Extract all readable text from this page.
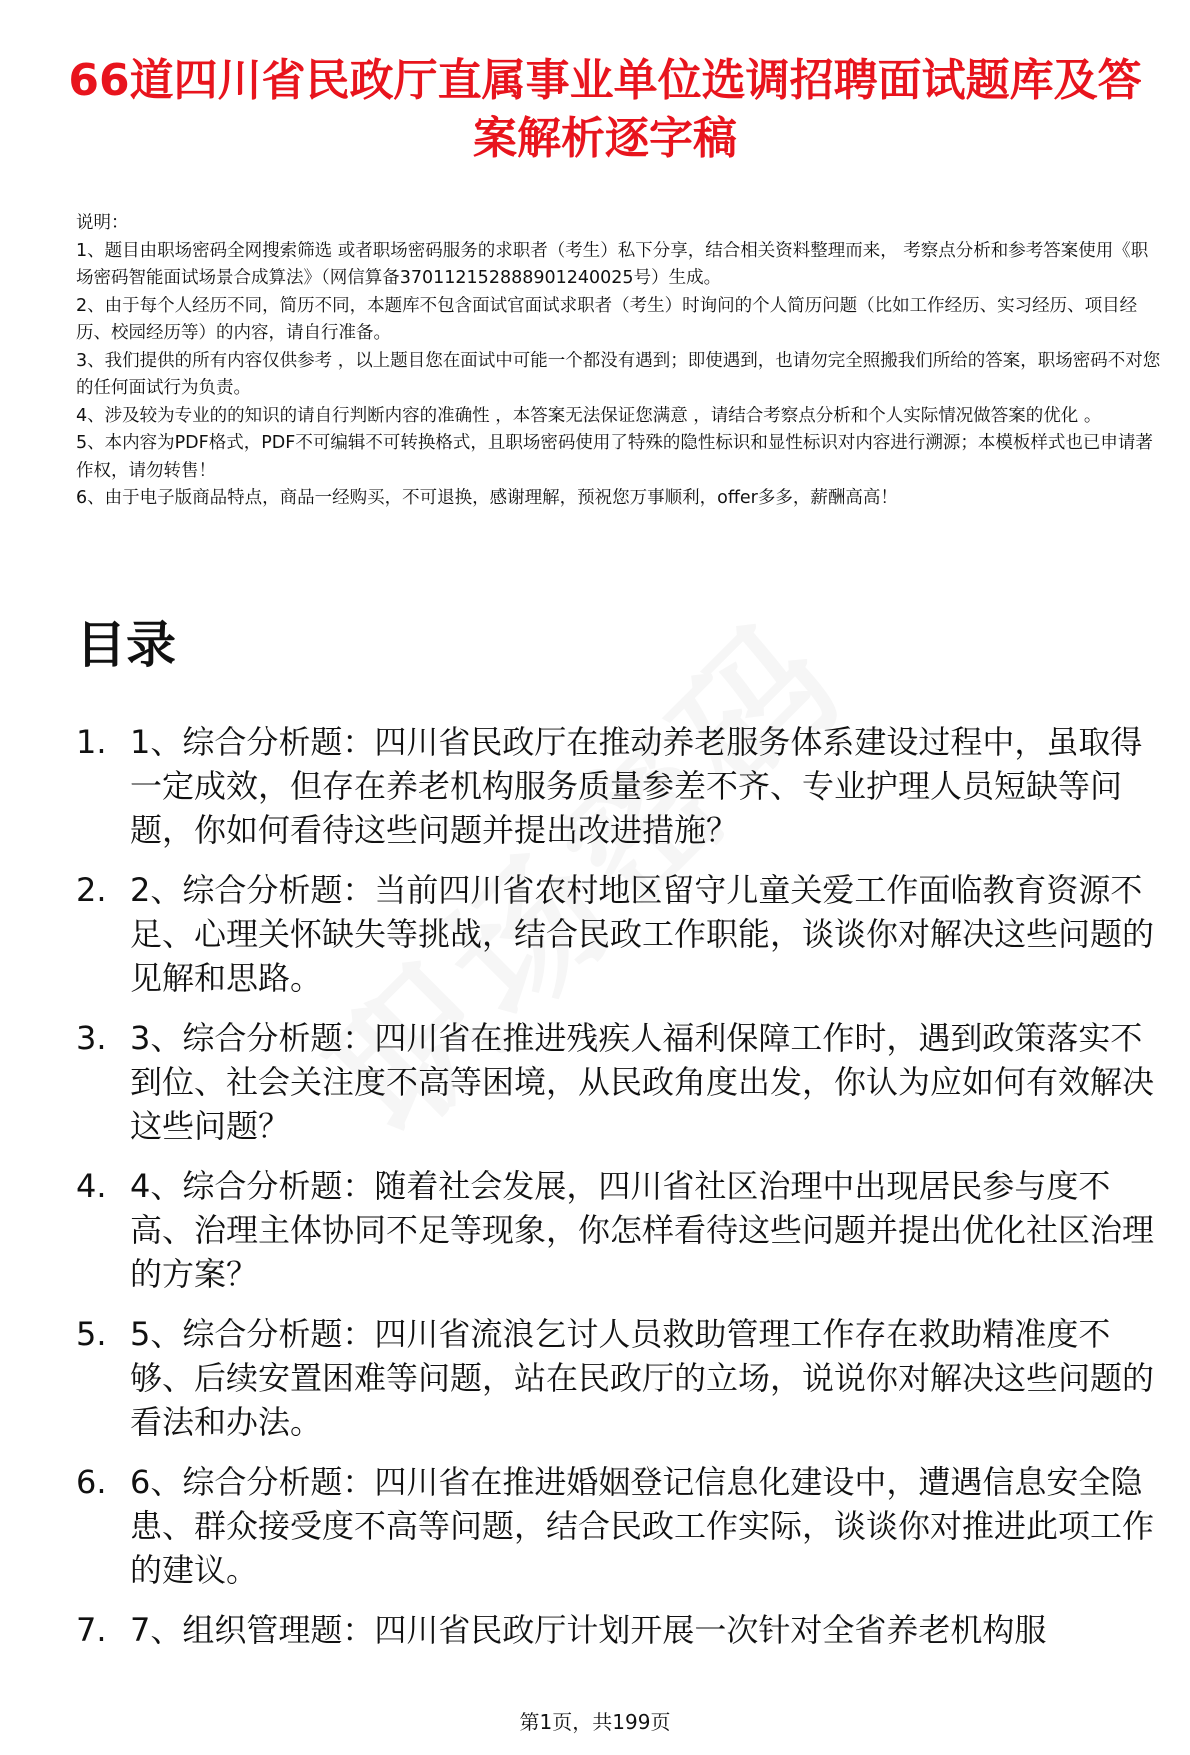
66道四川省民政厅直属事业单位选调招聘面试题库及答案解析逐字稿

说明：

1、题目由职场密码全网搜索筛选 或者职场密码服务的求职者（考生）私下分享，结合相关资料整理而来， 考察点分析和参考答案使用《职场密码智能面试场景合成算法》（网信算备370112152888901240025号）生成。

2、由于每个人经历不同，简历不同，本题库不包含面试官面试求职者（考生）时询问的个人简历问题（比如工作经历、实习经历、项目经历、校园经历等）的内容，请自行准备。

3、我们提供的所有内容仅供参考 ，以上题目您在面试中可能一个都没有遇到；即使遇到，也请勿完全照搬我们所给的答案，职场密码不对您的任何面试行为负责。

4、涉及较为专业的的知识的请自行判断内容的准确性 ，本答案无法保证您满意 ，请结合考察点分析和个人实际情况做答案的优化 。

5、本内容为PDF格式，PDF不可编辑不可转换格式，且职场密码使用了特殊的隐性标识和显性标识对内容进行溯源；本模板样式也已申请著作权，请勿转售！

6、由于电子版商品特点，商品一经购买，不可退换，感谢理解，预祝您万事顺利，offer多多，薪酬高高！

目录
1. 1、综合分析题：四川省民政厅在推动养老服务体系建设过程中，虽取得一定成效，但存在养老机构服务质量参差不齐、专业护理人员短缺等问题，你如何看待这些问题并提出改进措施？
2. 2、综合分析题：当前四川省农村地区留守儿童关爱工作面临教育资源不足、心理关怀缺失等挑战，结合民政工作职能，谈谈你对解决这些问题的见解和思路。
3. 3、综合分析题：四川省在推进残疾人福利保障工作时，遇到政策落实不到位、社会关注度不高等困境，从民政角度出发，你认为应如何有效解决这些问题？
4. 4、综合分析题：随着社会发展，四川省社区治理中出现居民参与度不高、治理主体协同不足等现象，你怎样看待这些问题并提出优化社区治理的方案？
5. 5、综合分析题：四川省流浪乞讨人员救助管理工作存在救助精准度不够、后续安置困难等问题，站在民政厅的立场，说说你对解决这些问题的看法和办法。
6. 6、综合分析题：四川省在推进婚姻登记信息化建设中，遭遇信息安全隐患、群众接受度不高等问题，结合民政工作实际，谈谈你对推进此项工作的建议。
7. 7、组织管理题：四川省民政厅计划开展一次针对全省养老机构服
第1页，共199页
